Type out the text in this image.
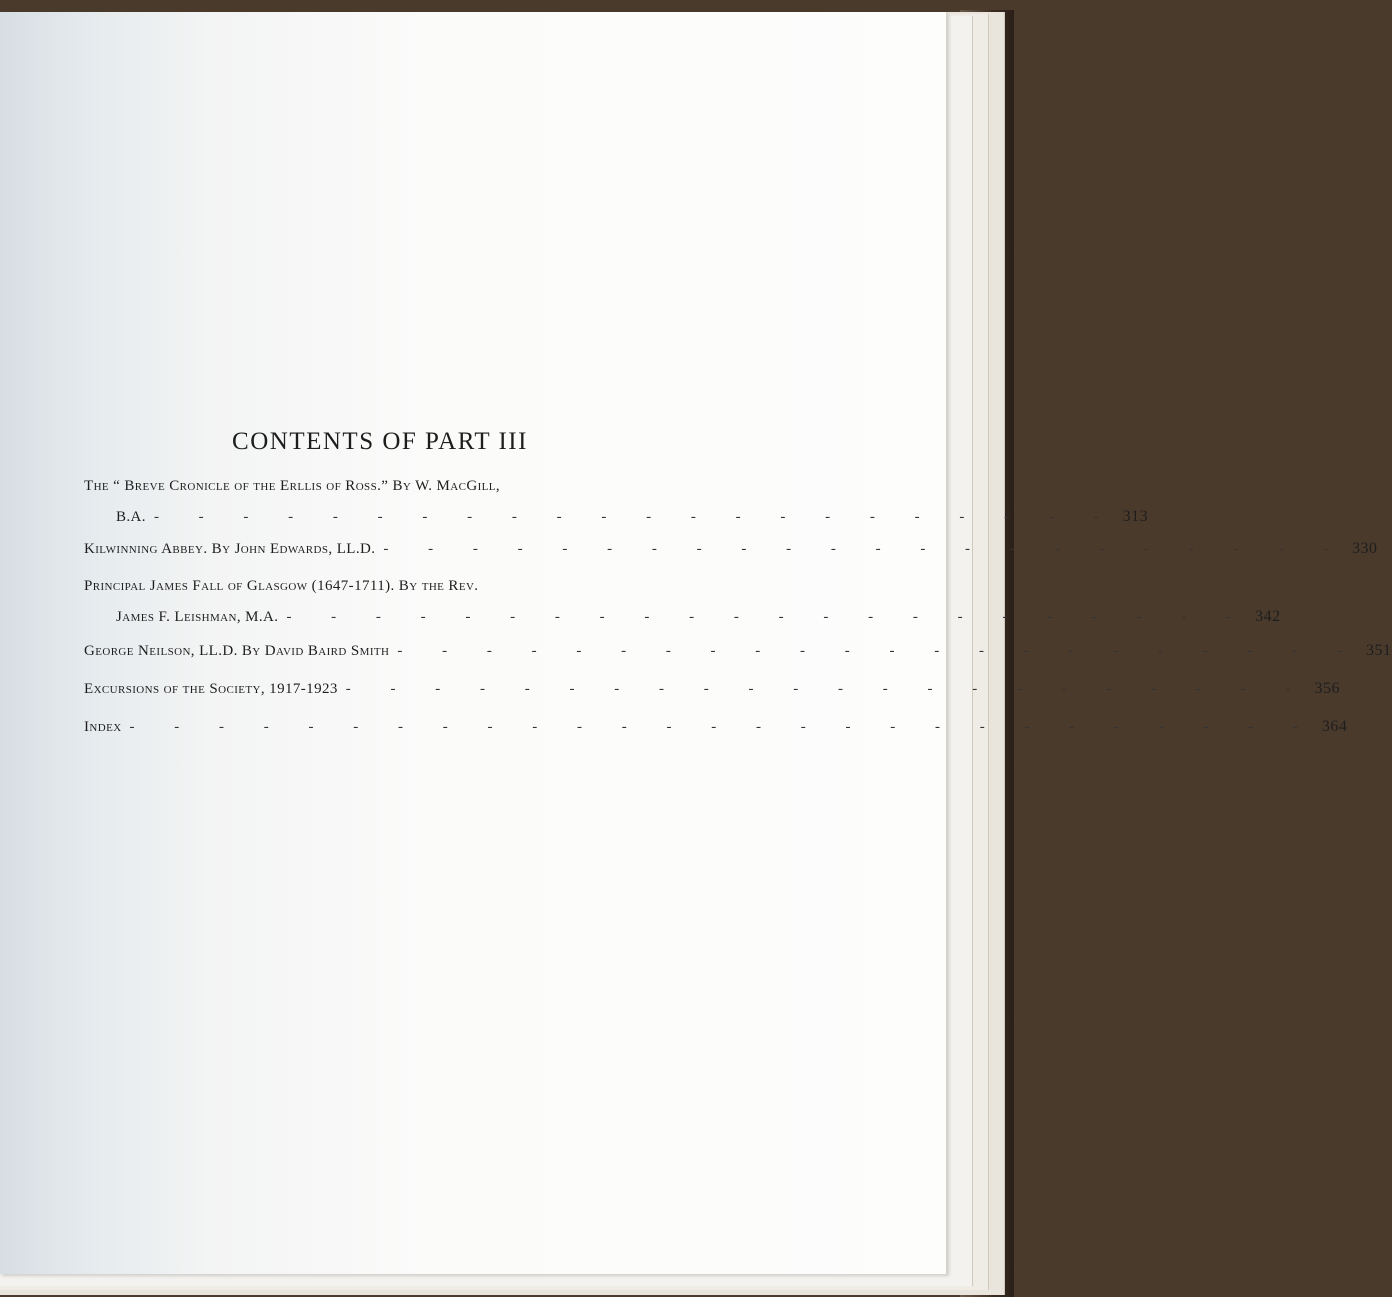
CONTENTS OF PART III
The “ Breve Cronicle of the Erllis of Ross.” By W. MacGill,
B.A. - - - - - - - - - - - - - - - - - - - - - - 313
Kilwinning Abbey. By John Edwards, LL.D. - - - - - - - - - - - - - - - - - - - - - - 330
Principal James Fall of Glasgow (1647-1711). By the Rev.
James F. Leishman, M.A. - - - - - - - - - - - - - - - - - - - - - - 342
George Neilson, LL.D. By David Baird Smith - - - - - - - - - - - - - - - - - - - - - - 351
Excursions of the Society, 1917-1923 - - - - - - - - - - - - - - - - - - - - - - 356
Index - - - - - - - - - - - - - - - - - - - - - - - - - - - 364
